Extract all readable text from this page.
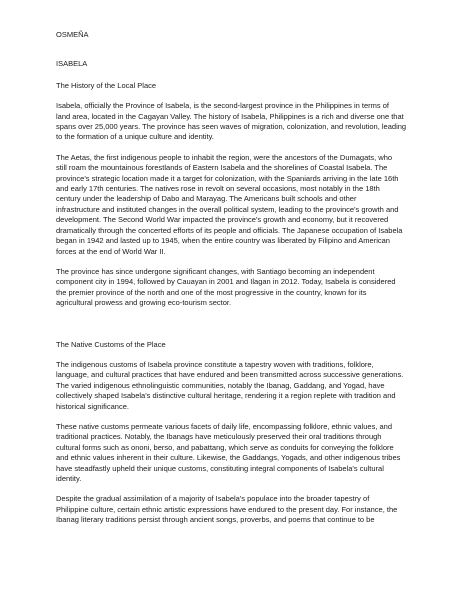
OSMEÑA

ISABELA

The History of the Local Place

Isabela, officially the Province of Isabela, is the second-largest province in the Philippines in terms of

land area, located in the Cagayan Valley. The history of Isabela, Philippines is a rich and diverse one that

spans over 25,000 years. The province has seen waves of migration, colonization, and revolution, leading

to the formation of a unique culture and identity.

The Aetas, the first indigenous people to inhabit the region, were the ancestors of the Dumagats, who

still roam the mountainous forestlands of Eastern Isabela and the shorelines of Coastal Isabela. The

province's strategic location made it a target for colonization, with the Spaniards arriving in the late 16th

and early 17th centuries. The natives rose in revolt on several occasions, most notably in the 18th

century under the leadership of Dabo and Marayag. The Americans built schools and other

infrastructure and instituted changes in the overall political system, leading to the province's growth and

development. The Second World War impacted the province's growth and economy, but it recovered

dramatically through the concerted efforts of its people and officials. The Japanese occupation of Isabela

began in 1942 and lasted up to 1945, when the entire country was liberated by Filipino and American

forces at the end of World War II.

The province has since undergone significant changes, with Santiago becoming an independent

component city in 1994, followed by Cauayan in 2001 and Ilagan in 2012. Today, Isabela is considered

the premier province of the north and one of the most progressive in the country, known for its

agricultural prowess and growing eco-tourism sector.

The Native Customs of the Place

The indigenous customs of Isabela province constitute a tapestry woven with traditions, folklore,

language, and cultural practices that have endured and been transmitted across successive generations.

The varied indigenous ethnolinguistic communities, notably the Ibanag, Gaddang, and Yogad, have

collectively shaped Isabela's distinctive cultural heritage, rendering it a region replete with tradition and

historical significance.

These native customs permeate various facets of daily life, encompassing folklore, ethnic values, and

traditional practices. Notably, the Ibanags have meticulously preserved their oral traditions through

cultural forms such as ononi, berso, and pabattang, which serve as conduits for conveying the folklore

and ethnic values inherent in their culture. Likewise, the Gaddangs, Yogads, and other indigenous tribes

have steadfastly upheld their unique customs, constituting integral components of Isabela's cultural

identity.

Despite the gradual assimilation of a majority of Isabela's populace into the broader tapestry of

Philippine culture, certain ethnic artistic expressions have endured to the present day. For instance, the

Ibanag literary traditions persist through ancient songs, proverbs, and poems that continue to be
